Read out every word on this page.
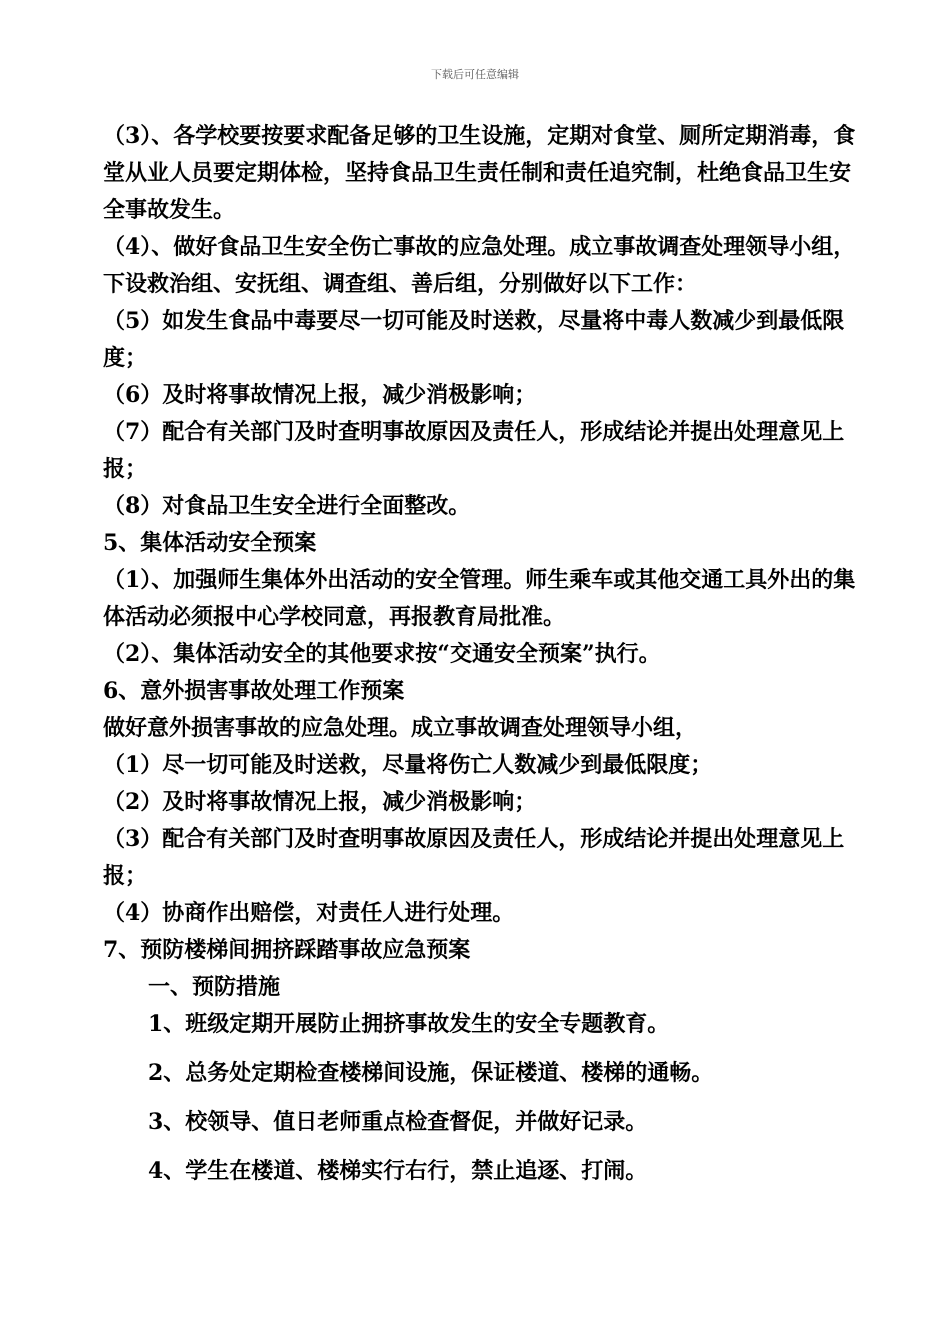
下载后可任意编辑

（3）、各学校要按要求配备足够的卫生设施，定期对食堂、厕所定期消毒，食堂从业人员要定期体检，坚持食品卫生责任制和责任追究制，杜绝食品卫生安全事故发生。

（4）、做好食品卫生安全伤亡事故的应急处理。成立事故调查处理领导小组，下设救治组、安抚组、调查组、善后组，分别做好以下工作：

（5）如发生食品中毒要尽一切可能及时送救，尽量将中毒人数减少到最低限度；

（6）及时将事故情况上报，减少消极影响；

（7）配合有关部门及时查明事故原因及责任人，形成结论并提出处理意见上报；

（8）对食品卫生安全进行全面整改。

5、集体活动安全预案

（1）、加强师生集体外出活动的安全管理。师生乘车或其他交通工具外出的集体活动必须报中心学校同意，再报教育局批准。

（2）、集体活动安全的其他要求按“交通安全预案”执行。

6、意外损害事故处理工作预案

做好意外损害事故的应急处理。成立事故调查处理领导小组，

（1）尽一切可能及时送救，尽量将伤亡人数减少到最低限度；

（2）及时将事故情况上报，减少消极影响；

（3）配合有关部门及时查明事故原因及责任人，形成结论并提出处理意见上报；

（4）协商作出赔偿，对责任人进行处理。

7、预防楼梯间拥挤踩踏事故应急预案

一、预防措施

1、班级定期开展防止拥挤事故发生的安全专题教育。

2、总务处定期检查楼梯间设施，保证楼道、楼梯的通畅。

3、校领导、值日老师重点检查督促，并做好记录。

4、学生在楼道、楼梯实行右行，禁止追逐、打闹。
